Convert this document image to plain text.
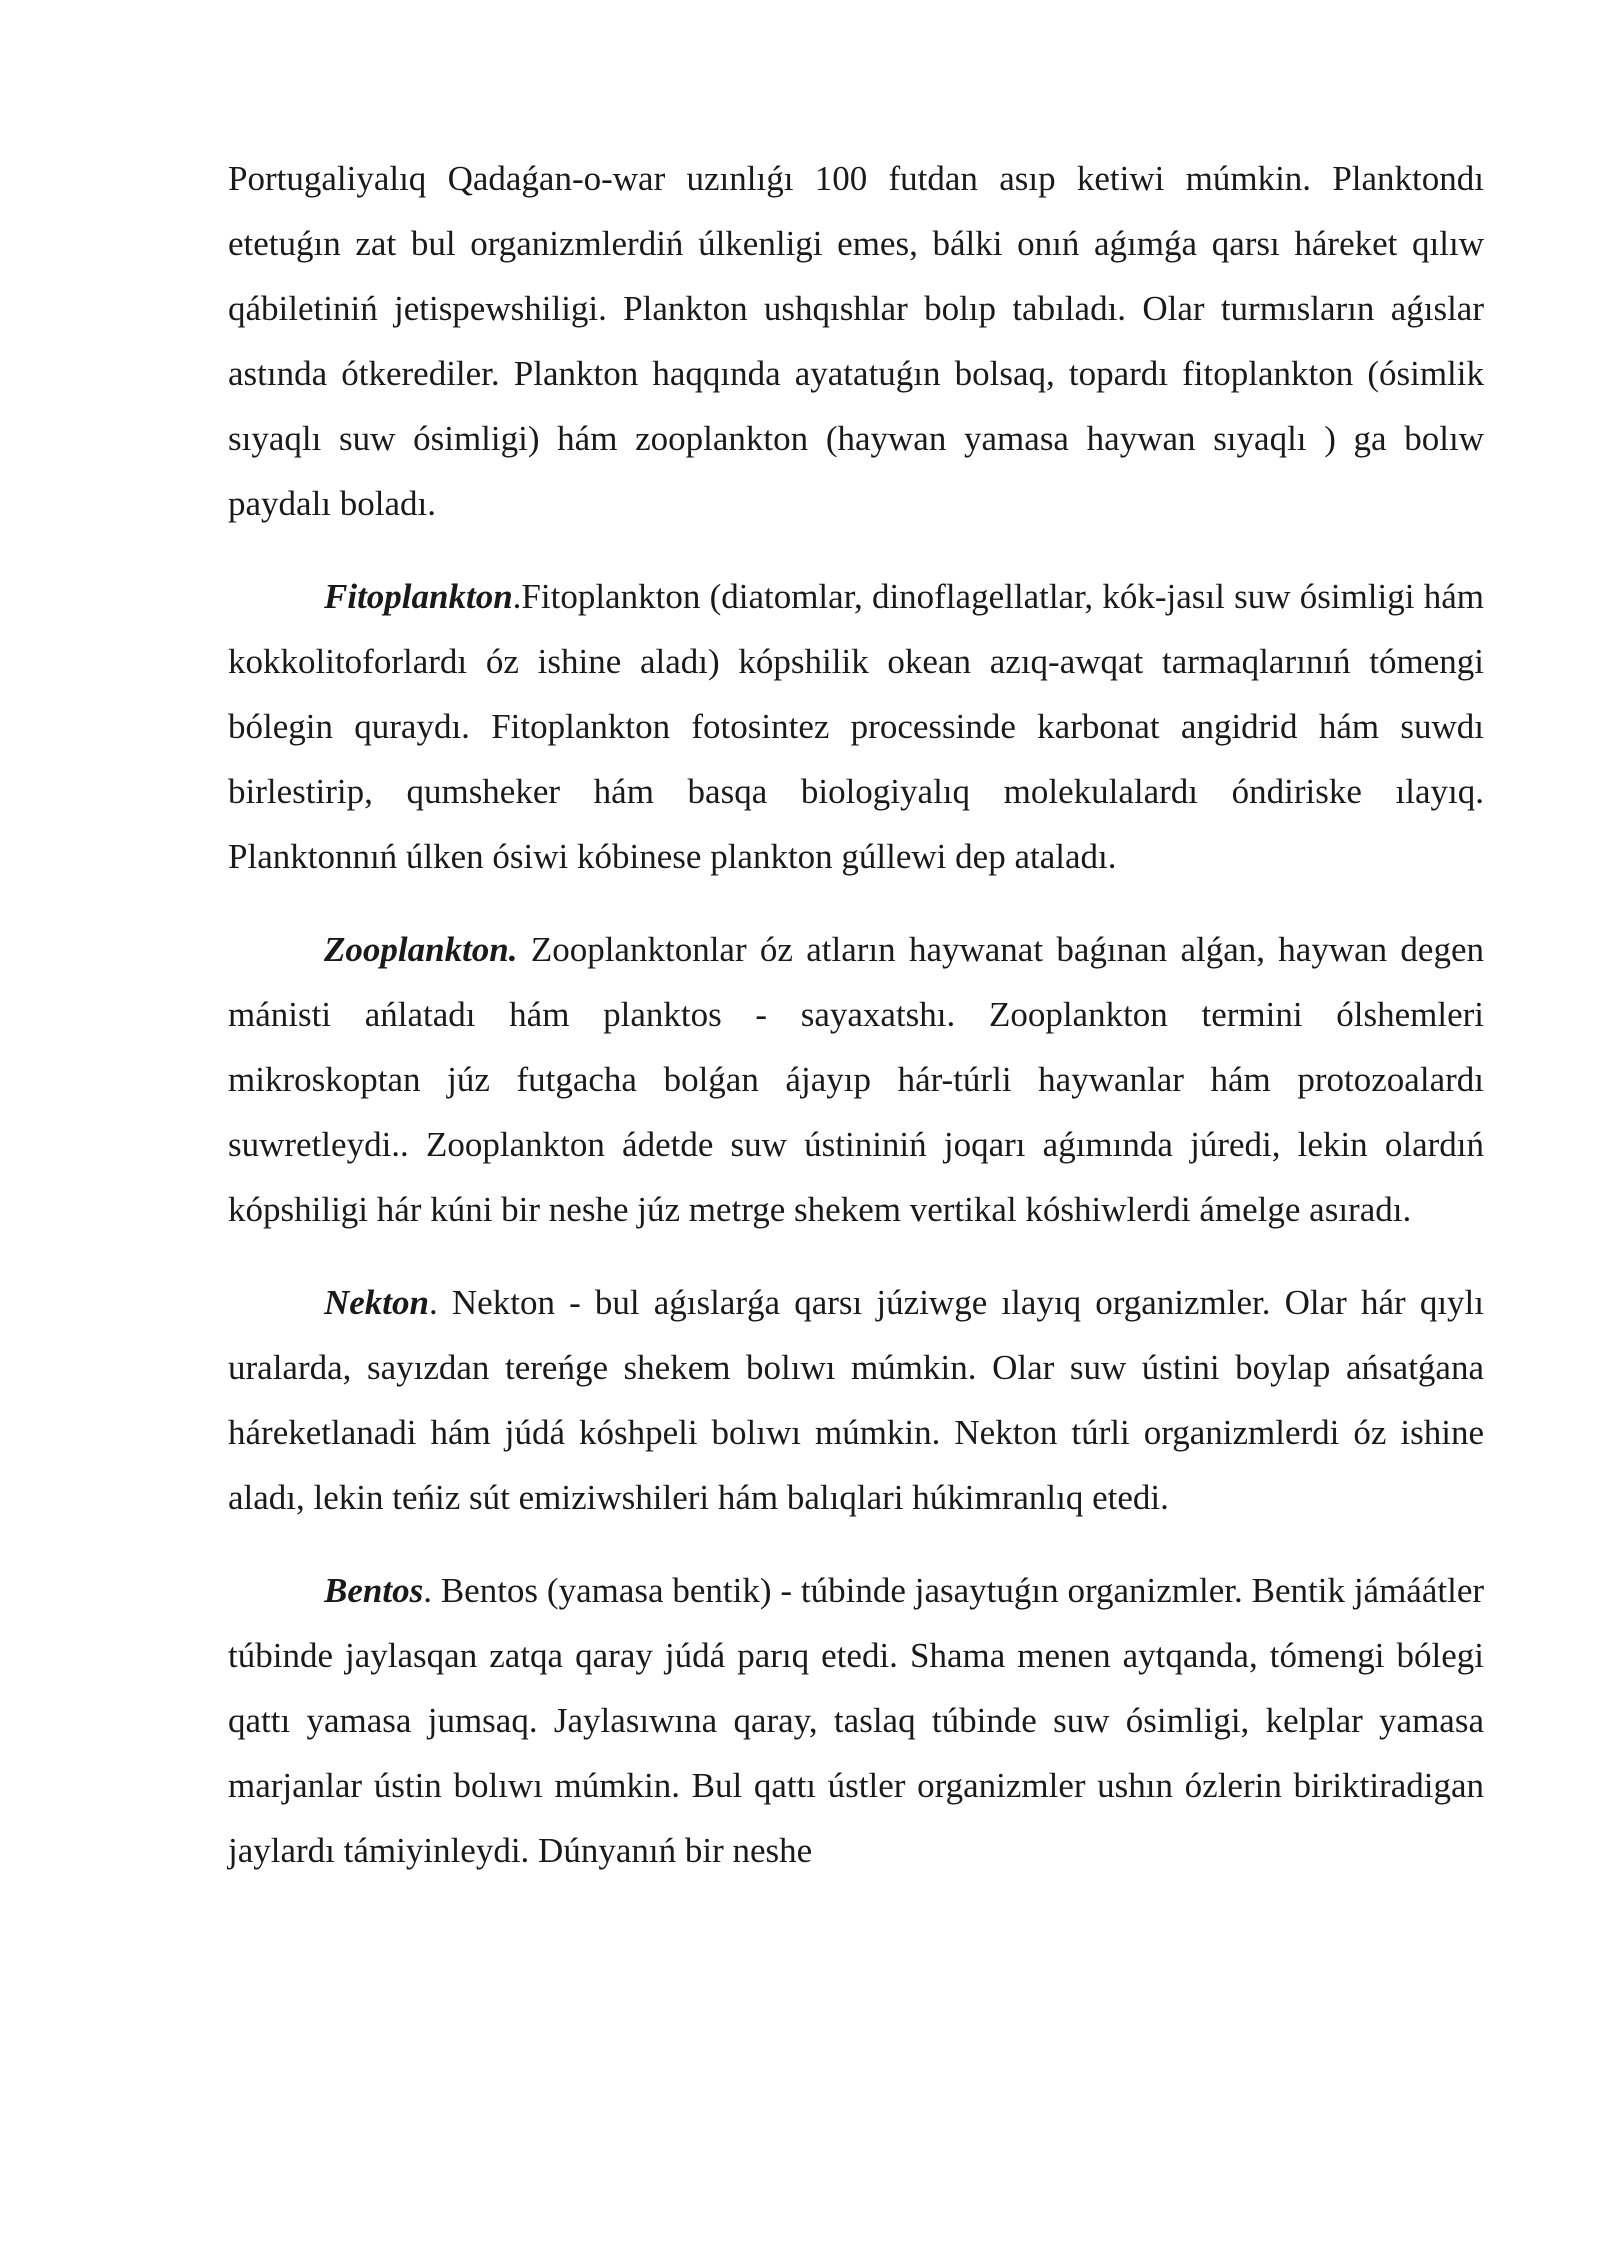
Portugaliyalıq Qadaǵan-o-war uzınlıǵı 100 futdan asıp ketiwi múmkin. Planktondı etetuǵın zat bul organizmlerdiń úlkenligi emes, bálki onıń aǵımǵa qarsı háreket qılıw qábiletiniń jetispewshiligi. Plankton ushqıshlar bolıp tabıladı. Olar turmısların aǵıslar astında ótkerediler. Plankton haqqında ayatatuǵın bolsaq, topardı fitoplankton (ósimlik sıyaqlı suw ósimligi) hám zooplankton (haywan yamasa haywan sıyaqlı ) ga bolıw paydalı boladı.

Fitoplankton.Fitoplankton (diatomlar, dinoflagellatlar, kók-jasıl suw ósimligi hám kokkolitoforlardı óz ishine aladı) kópshilik okean azıq-awqat tarmaqlarınıń tómengi bólegin quraydı. Fitoplankton fotosintez processinde karbonat angidrid hám suwdı birlestirip, qumsheker hám basqa biologiyalıq molekulalardı óndiriske ılayıq. Planktonnıń úlken ósiwi kóbinese plankton gúllewi dep ataladı.

Zooplankton. Zooplanktonlar óz atların haywanat baǵınan alǵan, haywan degen mánisti ańlatadı hám planktos - sayaxatshı. Zooplankton termini ólshemleri mikroskoptan júz futgacha bolǵan ájayıp hár-túrli haywanlar hám protozoalardı suwretleydi.. Zooplankton ádetde suw ústininiń joqarı aǵımında júredi, lekin olardıń kópshiligi hár kúni bir neshe júz metrge shekem vertikal kóshiwlerdi ámelge asıradı.

Nekton. Nekton - bul aǵıslarǵa qarsı júziwge ılayıq organizmler. Olar hár qıylı uralarda, sayızdan tereńge shekem bolıwı múmkin. Olar suw ústini boylap ańsatǵana háreketlanadi hám júdá kóshpeli bolıwı múmkin. Nekton túrli organizmlerdi óz ishine aladı, lekin teńiz sút emiziwshileri hám balıqlari húkimranlıq etedi.

Bentos. Bentos (yamasa bentik) - túbinde jasaytuǵın organizmler. Bentik jámáátler túbinde jaylasqan zatqa qaray júdá parıq etedi. Shama menen aytqanda, tómengi bólegi qattı yamasa jumsaq. Jaylasıwına qaray, taslaq túbinde suw ósimligi, kelplar yamasa marjanlar ústin bolıwı múmkin. Bul qattı ústler organizmler ushın ózlerin biriktiradigan jaylardı támiyinleydi. Dúnyanıń bir neshe
